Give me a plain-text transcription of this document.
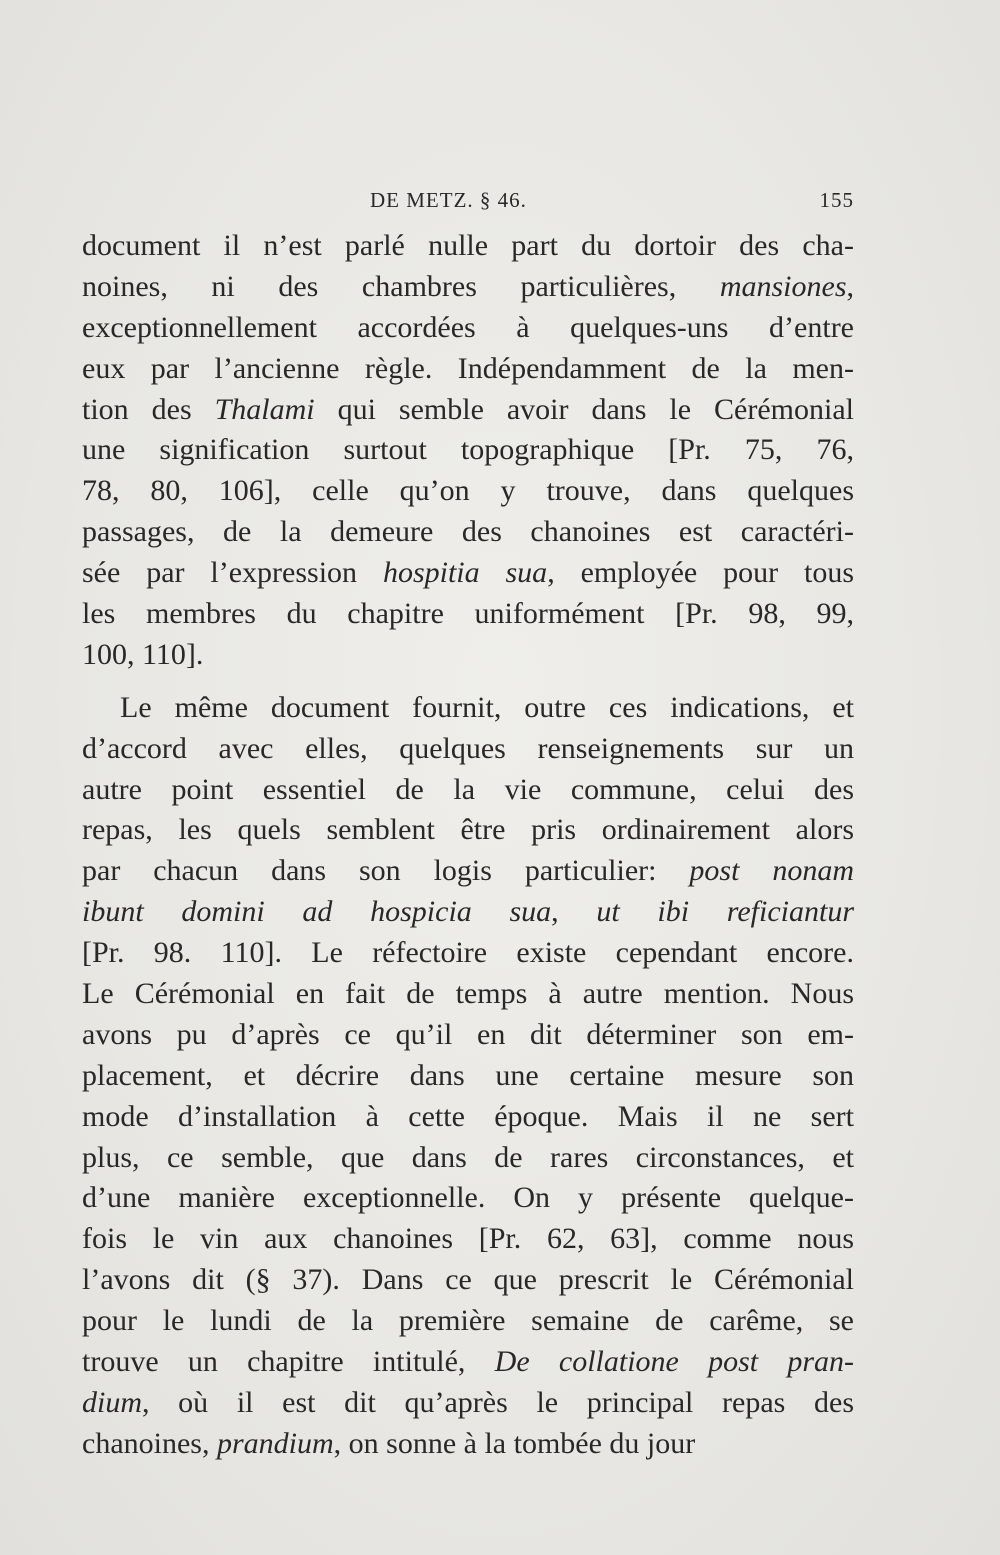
DE METZ. § 46.	155
document il n’est parlé nulle part du dortoir des cha-
noines, ni des chambres particulières, mansiones,
exceptionnellement accordées à quelques-uns d’entre
eux par l’ancienne règle. Indépendamment de la men-
tion des Thalami qui semble avoir dans le Cérémonial
une signification surtout topographique [Pr. 75, 76,
78, 80, 106], celle qu’on y trouve, dans quelques
passages, de la demeure des chanoines est caractéri-
sée par l’expression hospitia sua, employée pour tous
les membres du chapitre uniformément [Pr. 98, 99,
100, 110].
Le même document fournit, outre ces indications, et
d’accord avec elles, quelques renseignements sur un
autre point essentiel de la vie commune, celui des
repas, les quels semblent être pris ordinairement alors
par chacun dans son logis particulier: post nonam
ibunt domini ad hospicia sua, ut ibi reficiantur
[Pr. 98. 110]. Le réfectoire existe cependant encore.
Le Cérémonial en fait de temps à autre mention. Nous
avons pu d’après ce qu’il en dit déterminer son em-
placement, et décrire dans une certaine mesure son
mode d’installation à cette époque. Mais il ne sert
plus, ce semble, que dans de rares circonstances, et
d’une manière exceptionnelle. On y présente quelque-
fois le vin aux chanoines [Pr. 62, 63], comme nous
l’avons dit (§ 37). Dans ce que prescrit le Cérémonial
pour le lundi de la première semaine de carême, se
trouve un chapitre intitulé, De collatione post pran-
dium, où il est dit qu’après le principal repas des
chanoines, prandium, on sonne à la tombée du jour
